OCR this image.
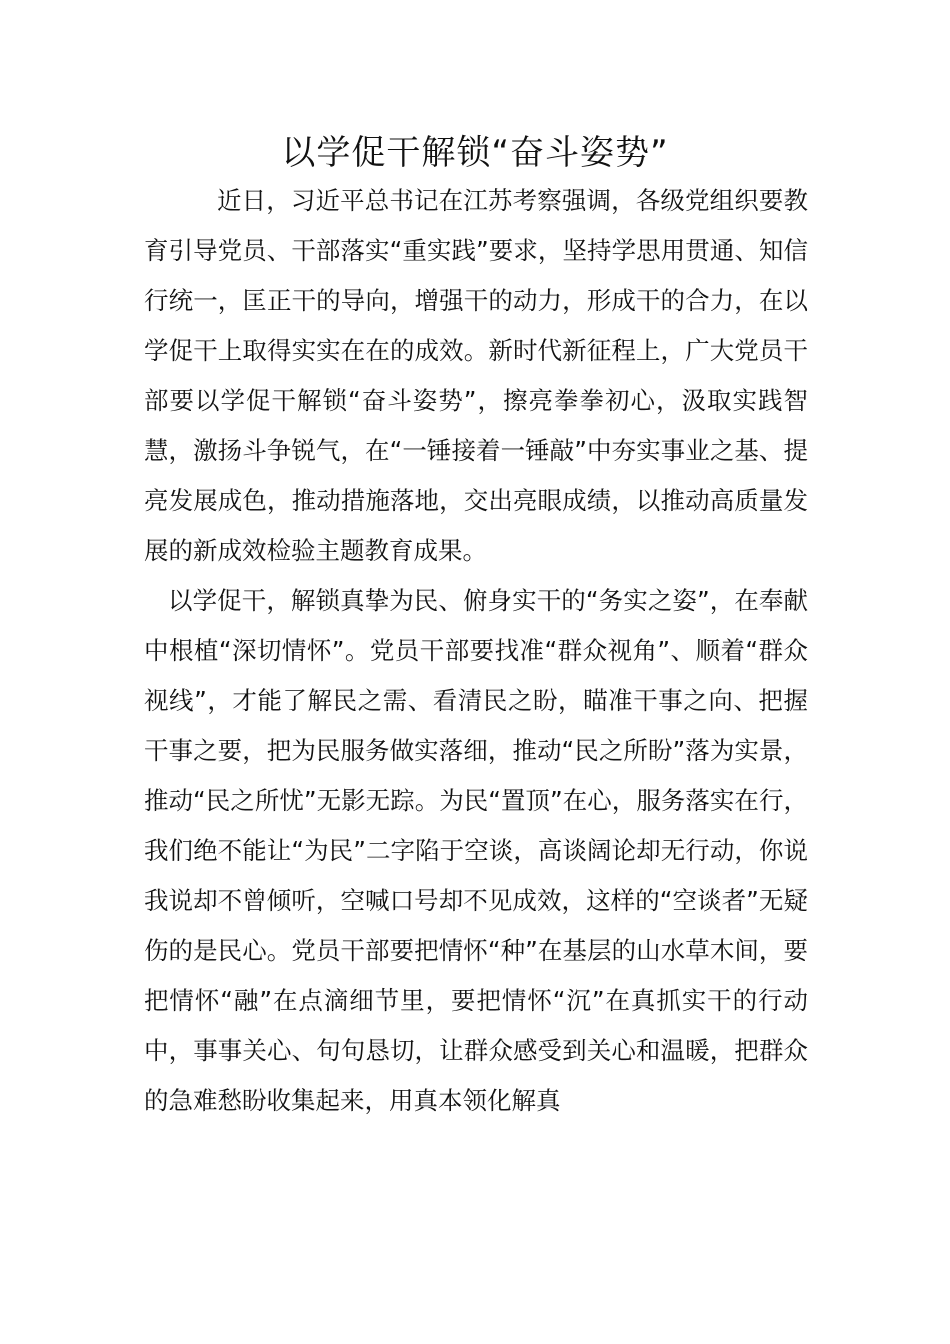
以学促干解锁“奋斗姿势”

近日，习近平总书记在江苏考察强调，各级党组织要教育引导党员、干部落实“重实践”要求，坚持学思用贯通、知信行统一，匡正干的导向，增强干的动力，形成干的合力，在以学促干上取得实实在在的成效。新时代新征程上，广大党员干部要以学促干解锁“奋斗姿势”，擦亮拳拳初心，汲取实践智慧，激扬斗争锐气，在“一锤接着一锤敲”中夯实事业之基、提亮发展成色，推动措施落地，交出亮眼成绩，以推动高质量发展的新成效检验主题教育成果。

以学促干，解锁真挚为民、俯身实干的“务实之姿”，在奉献中根植“深切情怀”。党员干部要找准“群众视角”、顺着“群众视线”，才能了解民之需、看清民之盼，瞄准干事之向、把握干事之要，把为民服务做实落细，推动“民之所盼”落为实景，推动“民之所忧”无影无踪。为民“置顶”在心，服务落实在行，我们绝不能让“为民”二字陷于空谈，高谈阔论却无行动，你说我说却不曾倾听，空喊口号却不见成效，这样的“空谈者”无疑伤的是民心。党员干部要把情怀“种”在基层的山水草木间，要把情怀“融”在点滴细节里，要把情怀“沉”在真抓实干的行动中，事事关心、句句恳切，让群众感受到关心和温暖，把群众的急难愁盼收集起来，用真本领化解真
